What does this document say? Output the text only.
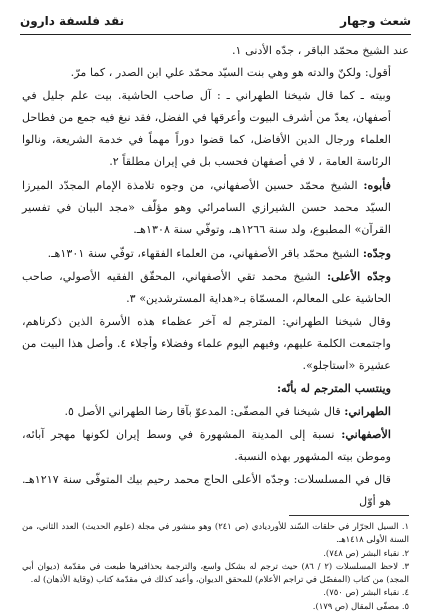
شعث وجهار
نقد فلسفة دارون

عند الشيخ محمّد الباقر ، جدّه الأدنى ١.

أقول: ولكنّ والدته هو وهي بنت السيّد محمّد علي ابن الصدر ، كما مرّ.

وبيته ـ كما قال شيخنا الطهراني ـ : آل صاحب الحاشية. بيت علم جليل في أصفهان، يعدّ من أشرف البيوت وأعرقها في الفضل، فقد نبغ فيه جمع من فطاحل العلماء ورجال الدين الأفاضل، كما قضوا دوراً مهماً في خدمة الشريعة، ونالوا الرئاسة العامة ، لا في أصفهان فحسب بل في إيران مطلقاً ٢.

فأبوه: الشيخ محمّد حسين الأصفهاني، من وجوه تلامذة الإمام المجدّد الميرزا السيّد محمد حسن الشيرازي السامرائي وهو مؤلّف «مجد البيان في تفسير القرآن» المطبوع، ولد سنة ١٢٦٦هـ، وتوفّي سنة ١٣٠٨هـ.

وجدّه: الشيخ محمّد باقر الأصفهاني، من العلماء الفقهاء، توفّي سنة ١٣٠١هـ.

وجدّه الأعلى: الشيخ محمد تقي الأصفهاني، المحقّق الفقيه الأصولي، صاحب الحاشية على المعالم، المسمّاة بـ«هداية المسترشدين» ٣.

وقال شيخنا الطهراني: المترجم له آخر عظماء هذه الأسرة الذين ذكرناهم، واجتمعت الكلمة عليهم، وفيهم اليوم علماء وفضلاء وأجلاء ٤. وأصل هذا البيت من عشيرة «استاجلو».

وينتسب المترجم له بأنّه:

الطهراني: قال شيخنا في المصفّى: المدعوّ بآقا رضا الطهراني الأصل ٥.

الأصفهاني: نسبة إلى المدينة المشهورة في وسط إيران لكونها مهجر آبائه، وموطن بيته المشهور بهذه النسبة.

قال في المسلسلات: وجدّه الأعلى الحاج محمد رحيم بيك المتوفّى سنة ١٢١٧هـ. هو أوّل

١. السيل الجرّار في حلقات السّند للأورديادي (ص ٢٤١) وهو منشور في مجلة (علوم الحديث) العدد الثاني، من السنة الأولى ١٤١٨هـ.

٢. نقباء البشر (ص ٧٤٨).

٣. لاحظ المسلسلات (٢ / ٨٦) حيث ترجم له بشكل واسع، والترجمة بحذافيرها طبعت في مقدّمة (ديوان أبي المجد) من كتاب (المفصّل في تراجم الأعلام) للمحقق الديوان، وأعيد كذلك في مقدّمة كتاب (وقاية الأذهان) له.

٤. نقباء البشر (ص ٧٥٠).

٥. مصفّى المقال (ص ١٧٩).
